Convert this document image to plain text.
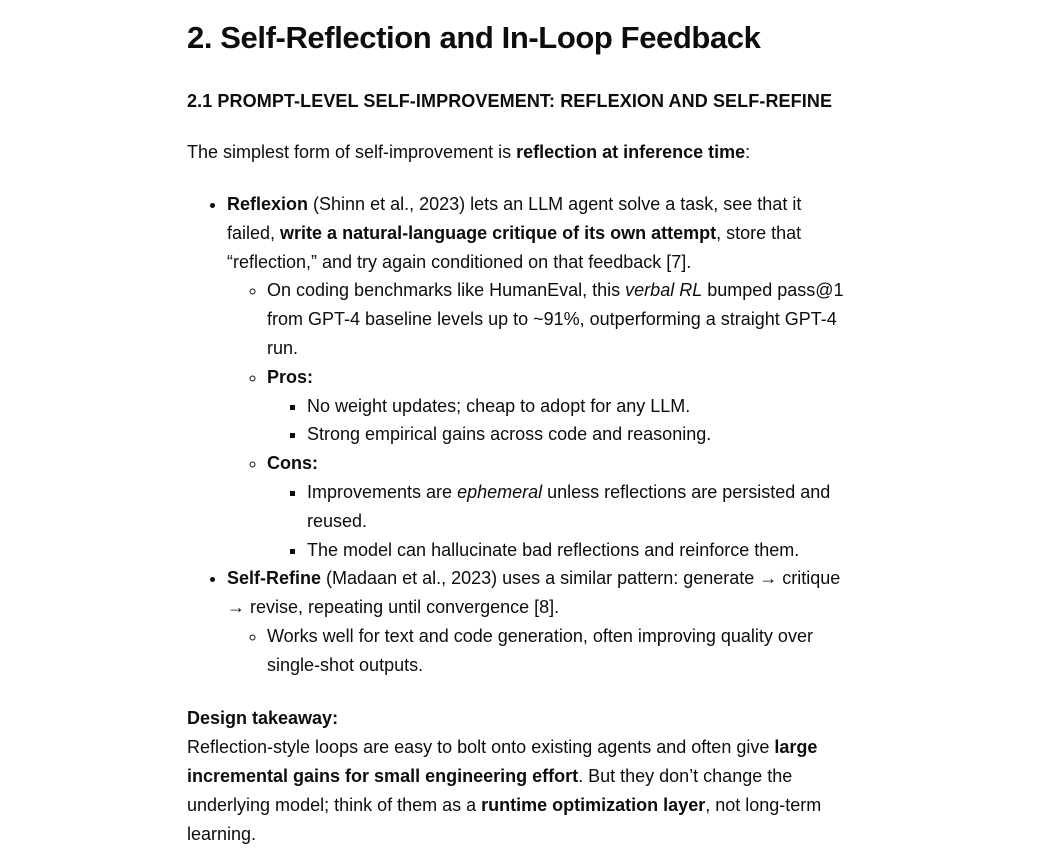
2. Self-Reflection and In-Loop Feedback
2.1 PROMPT-LEVEL SELF-IMPROVEMENT: REFLEXION AND SELF-REFINE

The simplest form of self-improvement is reflection at inference time:

• Reflexion (Shinn et al., 2023) lets an LLM agent solve a task, see that it failed, write a natural-language critique of its own attempt, store that “reflection,” and try again conditioned on that feedback [7].
◦ On coding benchmarks like HumanEval, this verbal RL bumped pass@1 from GPT-4 baseline levels up to ~91%, outperforming a straight GPT-4 run.
◦ Pros:
▪ No weight updates; cheap to adopt for any LLM.
▪ Strong empirical gains across code and reasoning.
◦ Cons:
▪ Improvements are ephemeral unless reflections are persisted and reused.
▪ The model can hallucinate bad reflections and reinforce them.
• Self-Refine (Madaan et al., 2023) uses a similar pattern: generate → critique → revise, repeating until convergence [8].
◦ Works well for text and code generation, often improving quality over single-shot outputs.

Design takeaway:

Reflection-style loops are easy to bolt onto existing agents and often give large incremental gains for small engineering effort. But they don’t change the underlying model; think of them as a runtime optimization layer, not long-term learning.
